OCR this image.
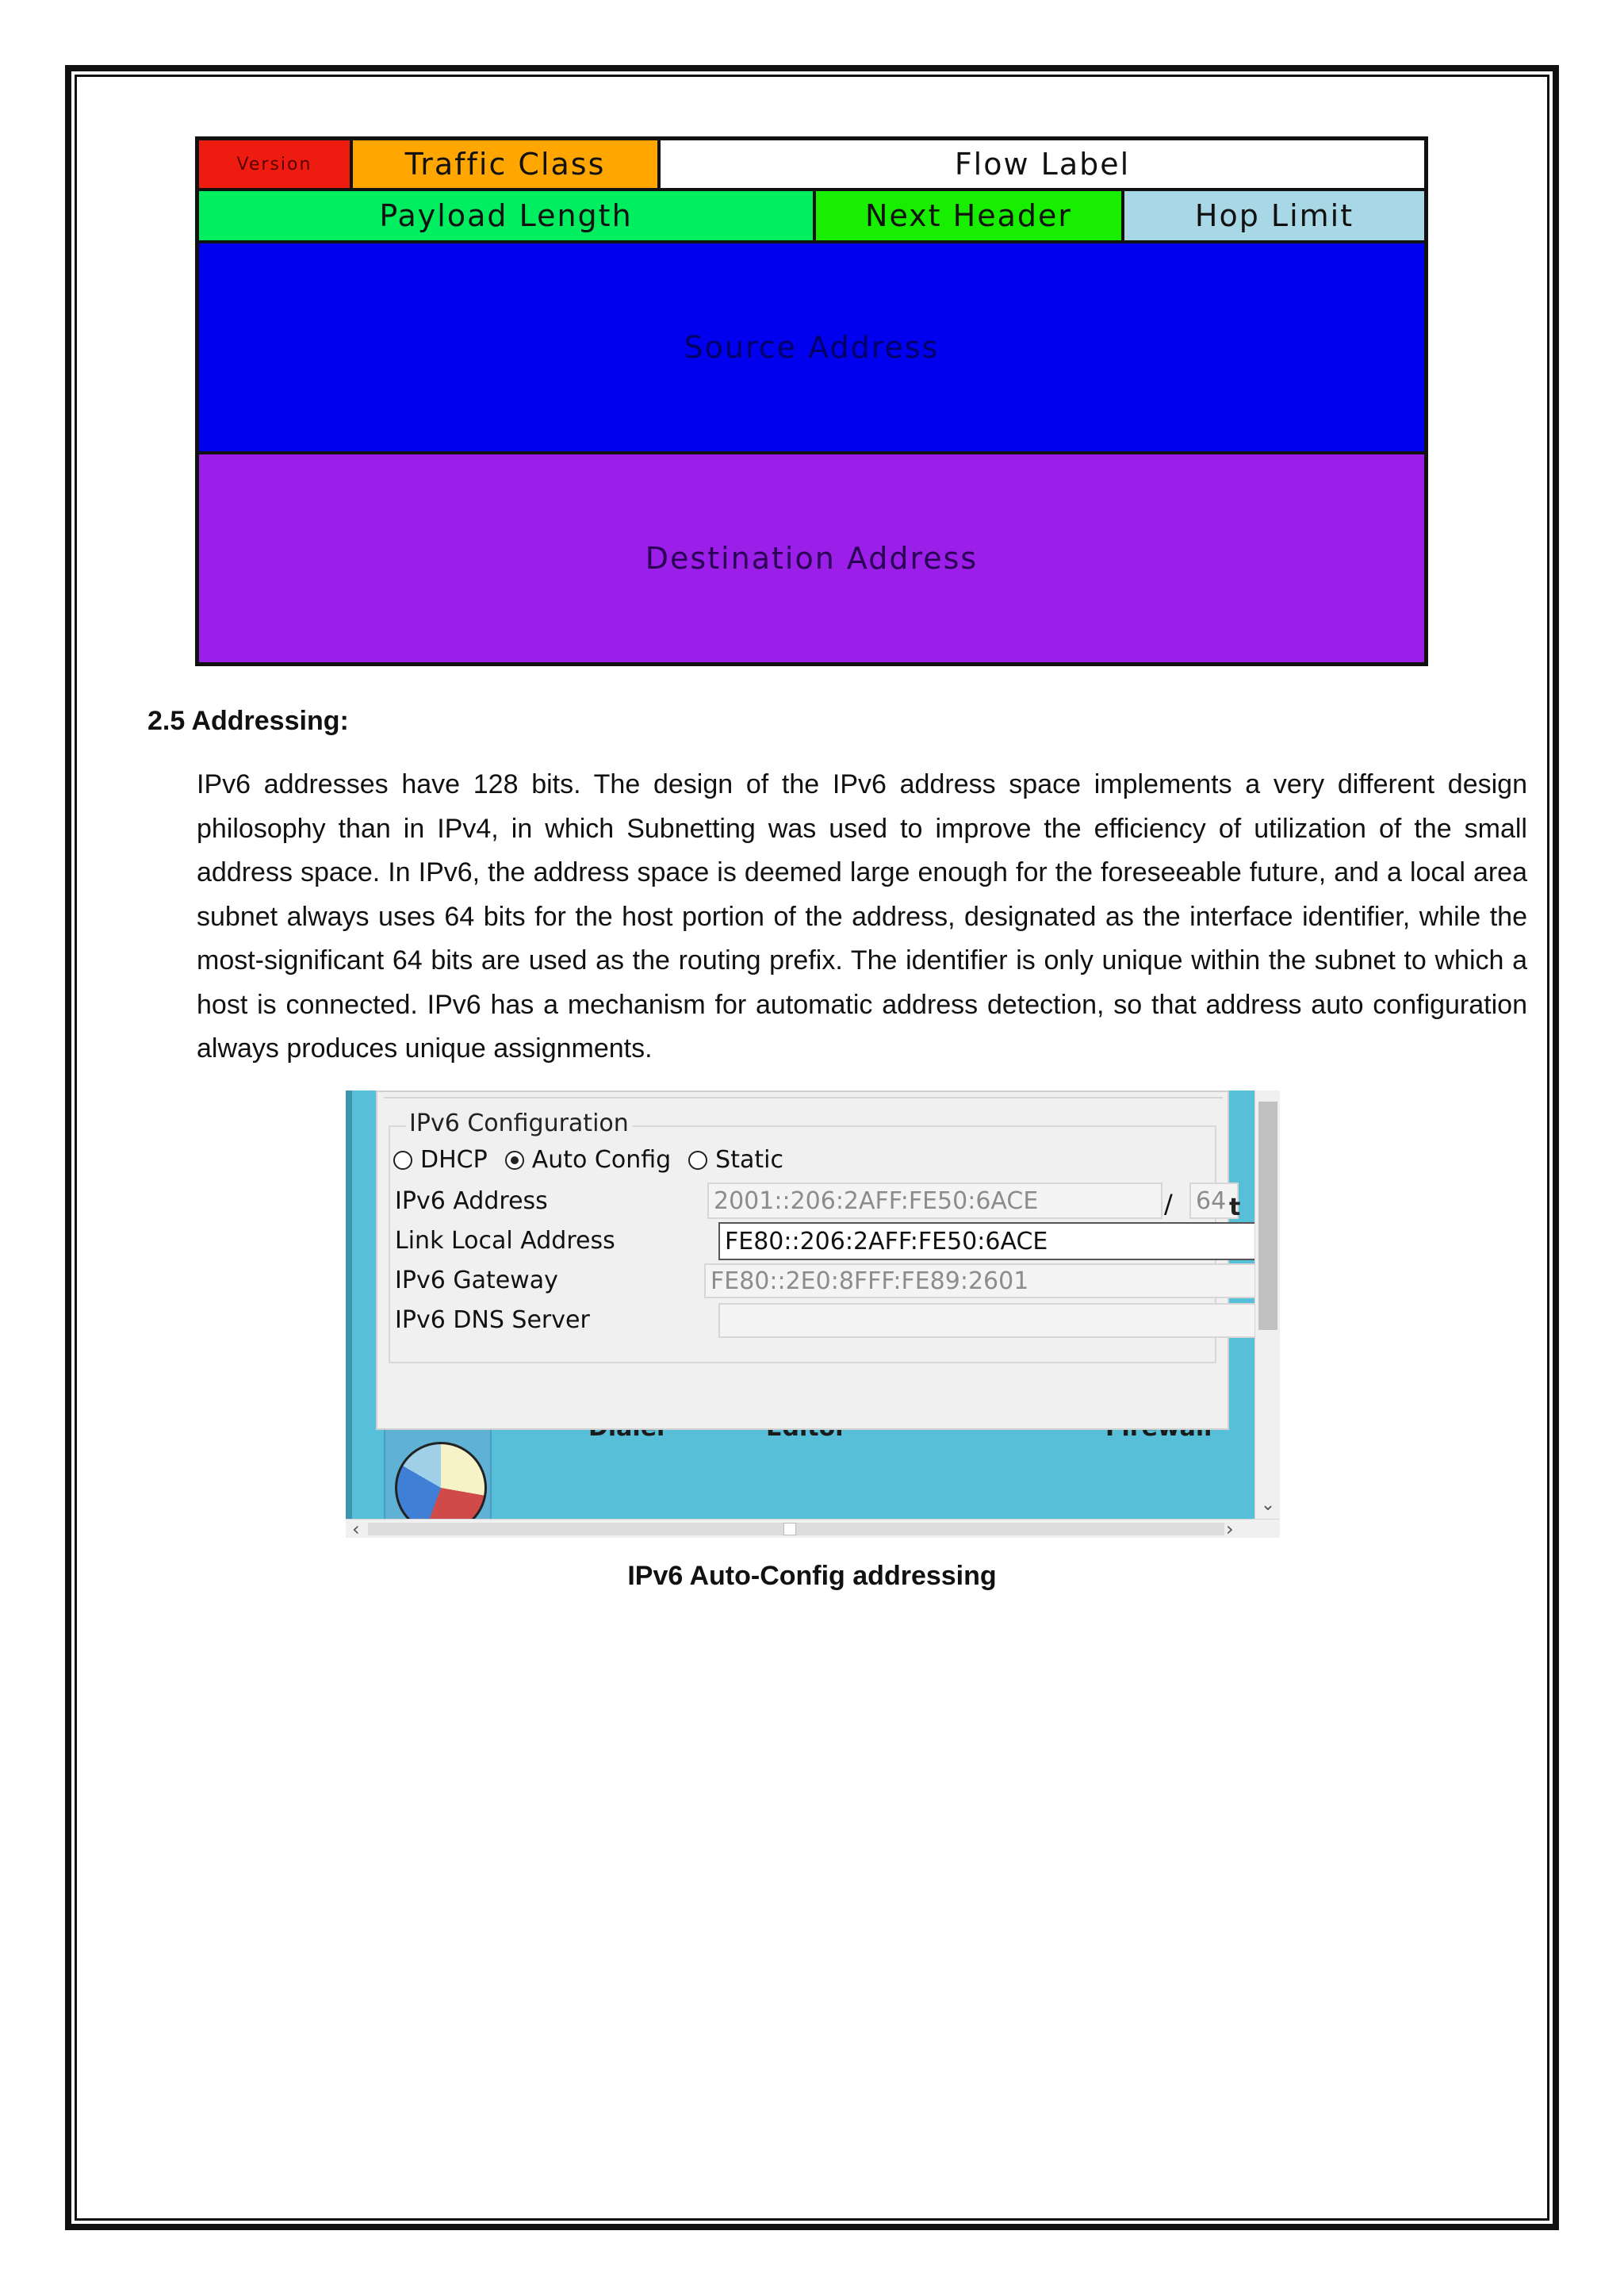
Version	Traffic Class	Flow Label
Payload Length	Next Header	Hop Limit
Source Address
Destination Address
2.5 Addressing:

IPv6 addresses have 128 bits. The design of the IPv6 address space implements a very different design philosophy than in IPv4, in which Subnetting was used to improve the efficiency of utilization of the small address space. In IPv6, the address space is deemed large enough for the foreseeable future, and a local area subnet always uses 64 bits for the host portion of the address, designated as the interface identifier, while the most-significant 64 bits are used as the routing prefix. The identifier is only unique within the subnet to which a host is connected. IPv6 has a mechanism for automatic address detection, so that address auto configuration always produces unique assignments.

IPv6 Configuration
DHCP Auto Config Static
IPv6 Address	2001::206:2AFF:FE50:6ACE	/ 64
Link Local Address	FE80::206:2AFF:FE50:6ACE
IPv6 Gateway	FE80::2E0:8FFF:FE89:2601
IPv6 DNS Server
t
⌄
‹	›
IPv6 Auto-Config addressing
